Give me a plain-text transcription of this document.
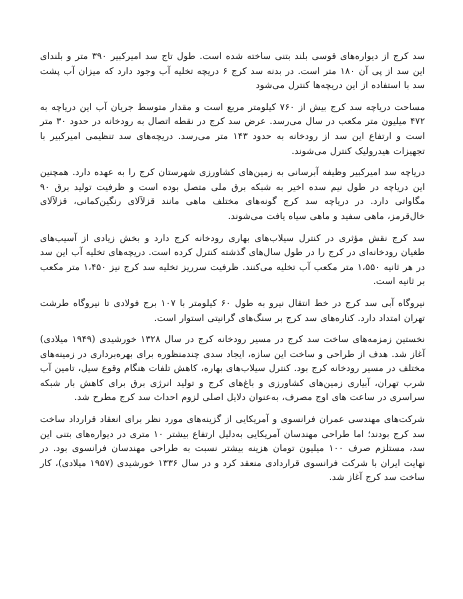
سد کرج از دیواره‌های قوسی بلند بتنی ساخته شده است. طول تاج سد امیرکبیر ۳۹۰ متر و بلندای این سد از پی آن ۱۸۰ متر است. در بدنه سد کرج ۶ دریچه تخلیه آب وجود دارد که میزان آب پشت سد با استفاده از این دریچه‌ها کنترل می‌شود

مساحت دریاچه سد کرج بیش از ۷۶۰ کیلومتر مربع است و مقدار متوسط جریان آب این دریاچه به ۴۷۲ میلیون متر مکعب در سال می‌رسد. عرض سد کرج در نقطه اتصال به رودخانه در حدود ۳۰ متر است و ارتفاع این سد از رودخانه به حدود ۱۴۳ متر می‌رسد. دریچه‌های سد تنظیمی امیرکبیر با تجهیزات هیدرولیک کنترل می‌شوند.

دریاچه سد امیرکبیر وظیفه آبرسانی به زمین‌های کشاورزی شهرستان کرج را به عهده دارد. همچنین این دریاچه در طول نیم سده اخیر به شبکه برق ملی متصل بوده است و ظرفیت تولید برق ۹۰ مگاواتی دارد. در دریاچه سد کرج گونه‌های مختلف ماهی مانند قزلآلای رنگین‌کمانی، قزلآلای خال‌قرمز، ماهی سفید و ماهی سیاه یافت می‌شوند.

سد کرج نقش مؤثری در کنترل سیلاب‌های بهاری رودخانه کرج دارد و بخش زیادی از آسیب‌های طغیان رودخانه‌ای در کرج را در طول سال‌های گذشته کنترل کرده است. دریچه‌های تخلیه آب این سد در هر ثانیه ۱،۵۵۰ متر مکعب آب تخلیه می‌کنند. ظرفیت سرریز تخلیه سد کرج نیز ۱،۴۵۰ متر مکعب بر ثانیه است.

نیروگاه آبی سد کرج در خط انتقال نیرو به طول ۶۰ کیلومتر با ۱۰۷ برج فولادی تا نیروگاه طرشت تهران امتداد دارد. کناره‌های سد کرج بر سنگ‌های گرانیتی استوار است.

نخستین زمزمه‌های ساخت سد کرج در مسیر رودخانه کرج در سال ۱۳۲۸ خورشیدی (۱۹۴۹ میلادی) آغاز شد. هدف از طراحی و ساخت این سازه، ایجاد سدی چندمنظوره برای بهره‌برداری در زمینه‌های مختلف در مسیر رودخانه کرج بود. کنترل سیلاب‌های بهاره، کاهش تلفات هنگام وقوع سیل، تامین آب شرب تهران، آبیاری زمین‌های کشاورزی و باغ‌های کرج و تولید انرژی برق برای کاهش بار شبکه سراسری در ساعت های اوج مصرف، به‌عنوان دلایل اصلی لزوم احداث سد کرج مطرح شد.

شرکت‌های مهندسی عمران فرانسوی و آمریکایی از گزینه‌های مورد نظر برای انعقاد قرارداد ساخت سد کرج بودند؛ اما طراحی مهندسان آمریکایی به‌دلیل ارتفاع بیشتر ۱۰ متری در دیواره‌های بتنی این سد، مستلزم صرف ۱۰۰ میلیون تومان هزینه بیشتر نسبت به طراحی مهندسان فرانسوی بود. در نهایت ایران با شرکت فرانسوی قراردادی منعقد کرد و در سال ۱۳۳۶ خورشیدی (۱۹۵۷ میلادی)، کار ساخت سد کرج آغاز شد.
